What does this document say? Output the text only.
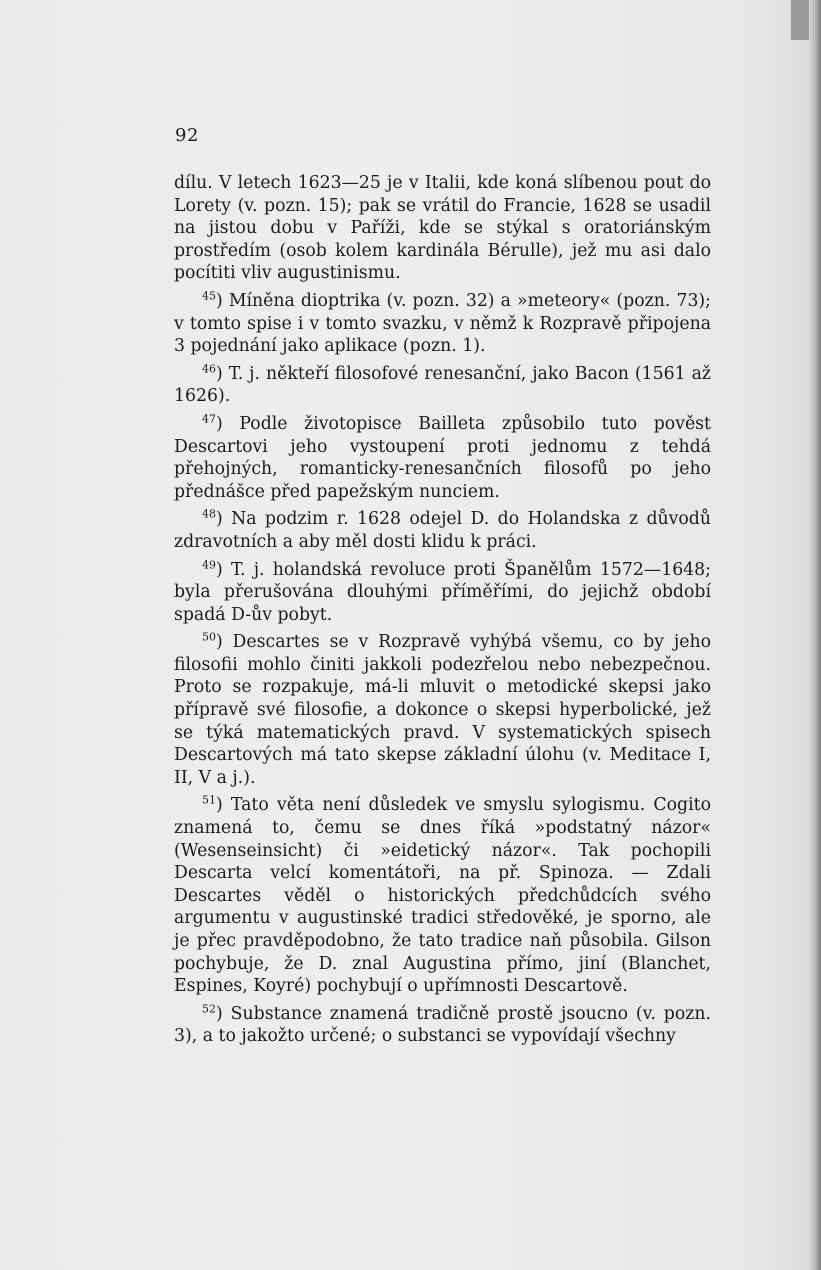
92

dílu. V letech 1623—25 je v Italii, kde koná slíbenou pout do Lorety (v. pozn. 15); pak se vrátil do Francie, 1628 se usadil na jistou dobu v Paříži, kde se stýkal s oratoriánským prostředím (osob kolem kardinála Bérulle), jež mu asi dalo pocítiti vliv augustinismu.

$^{45}$) Míněna dioptrika (v. pozn. 32) a »meteory« (pozn. 73); v tomto spise i v tomto svazku, v němž k Rozpravě připojena 3 pojednání jako aplikace (pozn. 1).

$^{46}$) T. j. někteří filosofové renesanční, jako Bacon (1561 až 1626).

$^{47}$) Podle životopisce Bailleta způsobilo tuto pověst Descartovi jeho vystoupení proti jednomu z tehdá přehojných, romanticky-renesančních filosofů po jeho přednášce před papežským nunciem.

$^{48}$) Na podzim r. 1628 odejel D. do Holandska z důvodů zdravotních a aby měl dosti klidu k práci.

$^{49}$) T. j. holandská revoluce proti Španělům 1572—1648; byla přerušována dlouhými příměřími, do jejichž období spadá D-ův pobyt.

$^{50}$) Descartes se v Rozpravě vyhýbá všemu, co by jeho filosofii mohlo činiti jakkoli podezřelou nebo nebezpečnou. Proto se rozpakuje, má-li mluvit o metodické skepsi jako přípravě své filosofie, a dokonce o skepsi hyperbolické, jež se týká matematických pravd. V systematických spisech Descartových má tato skepse základní úlohu (v. Meditace I, II, V a j.).

$^{51}$) Tato věta není důsledek ve smyslu sylogismu. Cogito znamená to, čemu se dnes říká »podstatný názor« (Wesenseinsicht) či »eidetický názor«. Tak pochopili Descarta velcí komentátoři, na př. Spinoza. — Zdali Descartes věděl o historických předchůdcích svého argumentu v augustinské tradici středověké, je sporno, ale je přec pravděpodobno, že tato tradice naň působila. Gilson pochybuje, že D. znal Augustina přímo, jiní (Blanchet, Espines, Koyré) pochybují o upřímnosti Descartově.

$^{52}$) Substance znamená tradičně prostě jsoucno (v. pozn. 3), a to jakožto určené; o substanci se vypovídají všechny
